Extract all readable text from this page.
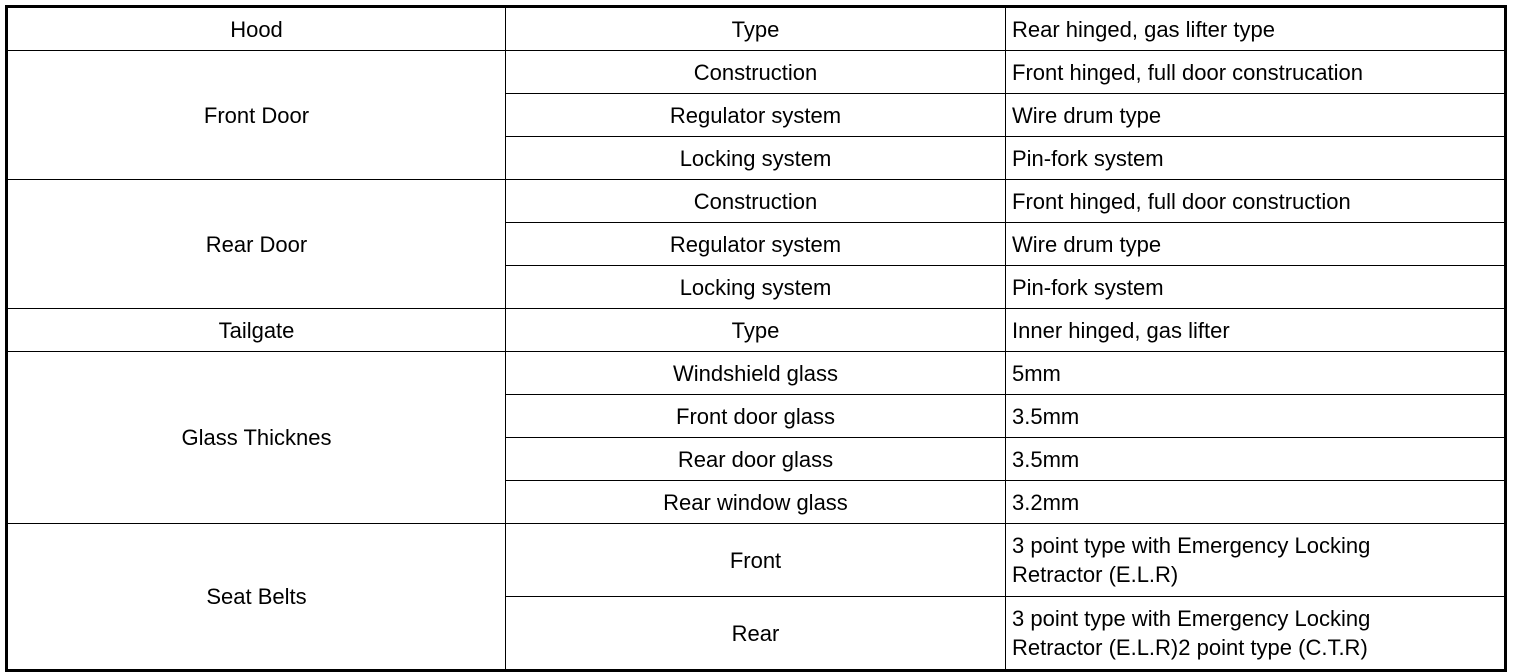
Hood	Type	Rear hinged, gas lifter type
Front Door	Construction	Front hinged, full door construcation
	Regulator system	Wire drum type
	Locking system	Pin-fork system
Rear Door	Construction	Front hinged, full door construction
	Regulator system	Wire drum type
	Locking system	Pin-fork system
Tailgate	Type	Inner hinged, gas lifter
Glass Thicknes	Windshield glass	5mm
	Front door glass	3.5mm
	Rear door glass	3.5mm
	Rear window glass	3.2mm
Seat Belts	Front	3 point type with Emergency Locking
Retractor (E.L.R)
	Rear	3 point type with Emergency Locking
Retractor (E.L.R)2 point type (C.T.R)
